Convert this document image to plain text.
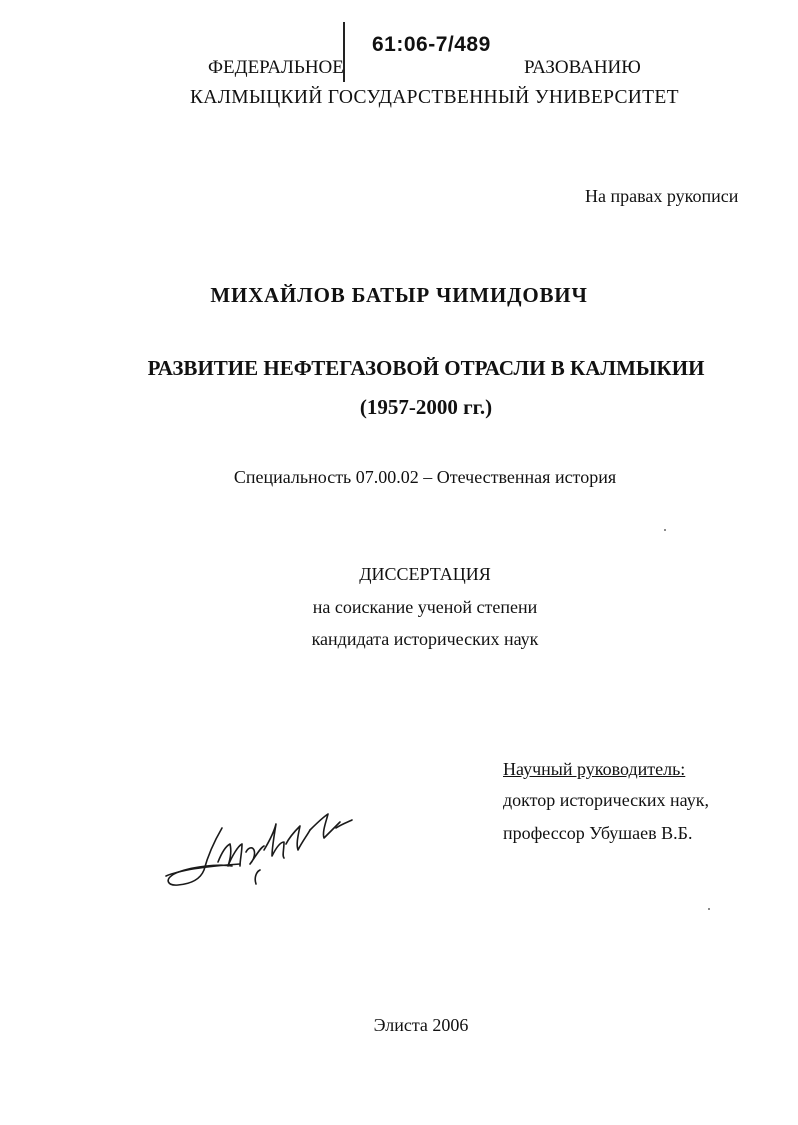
61:06-7/489
ФЕДЕРАЛЬНОЕ	РАЗОВАНИЮ
КАЛМЫЦКИЙ ГОСУДАРСТВЕННЫЙ УНИВЕРСИТЕТ
На правах рукописи
МИХАЙЛОВ БАТЫР ЧИМИДОВИЧ
РАЗВИТИЕ НЕФТЕГАЗОВОЙ ОТРАСЛИ В КАЛМЫКИИ
(1957-2000 гг.)
Специальность 07.00.02 – Отечественная история
ДИССЕРТАЦИЯ
на соискание ученой степени
кандидата исторических наук
Научный руководитель:
доктор исторических наук,
профессор Убушаев В.Б.
Михайлов
Элиста 2006
